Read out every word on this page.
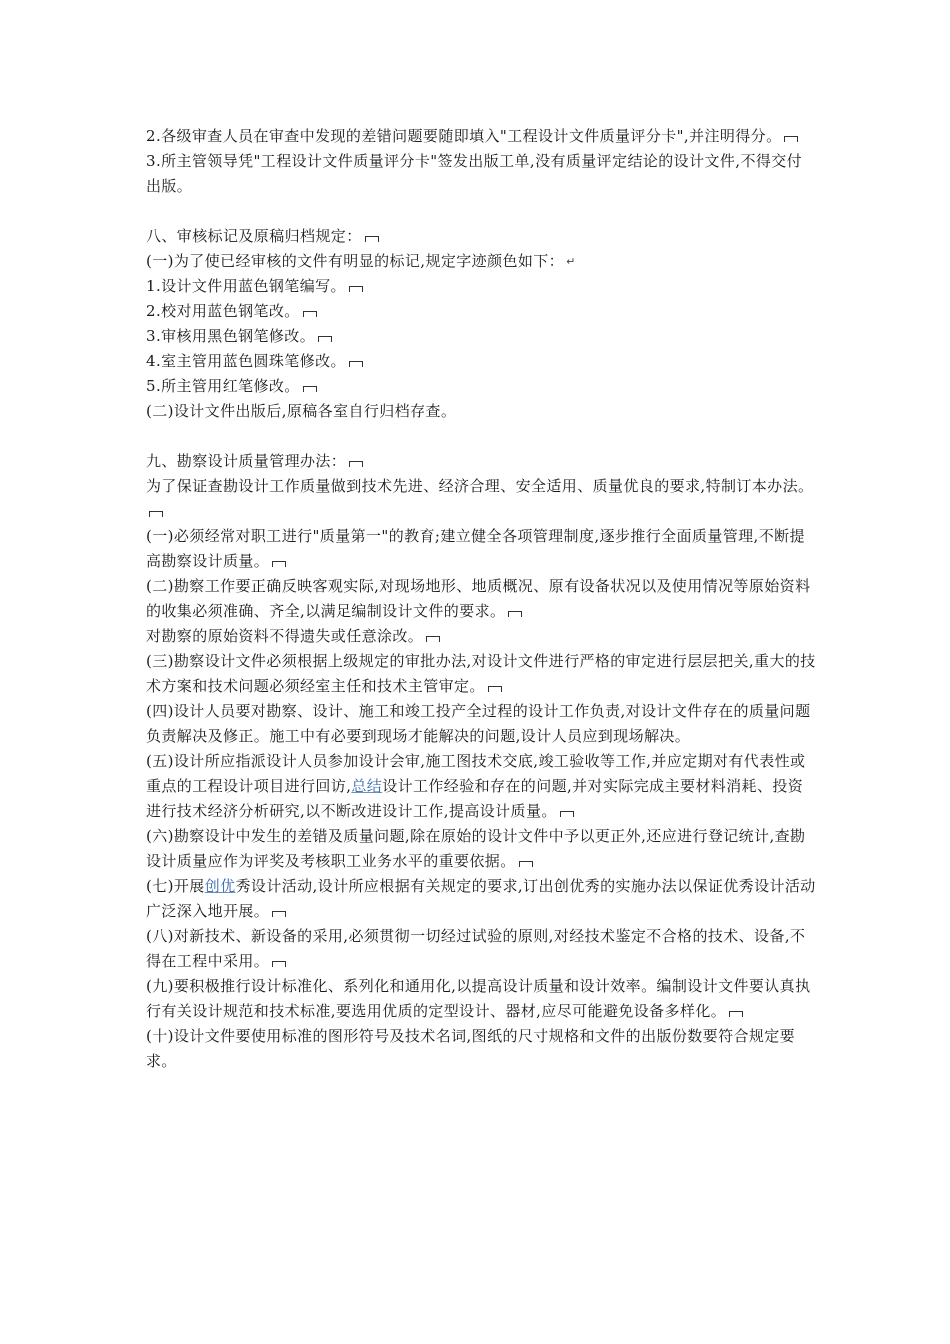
2.各级审查人员在审查中发现的差错问题要随即填入"工程设计文件质量评分卡",并注明得分。

3.所主管领导凭"工程设计文件质量评分卡"签发出版工单,没有质量评定结论的设计文件,不得交付出版。

八、审核标记及原稿归档规定：

(一)为了使已经审核的文件有明显的标记,规定字迹颜色如下： ↵

1.设计文件用蓝色钢笔编写。

2.校对用蓝色钢笔改。

3.审核用黑色钢笔修改。

4.室主管用蓝色圆珠笔修改。

5.所主管用红笔修改。

(二)设计文件出版后,原稿各室自行归档存查。

九、勘察设计质量管理办法：

为了保证查勘设计工作质量做到技术先进、经济合理、安全适用、质量优良的要求,特制订本办法。

(一)必须经常对职工进行"质量第一"的教育;建立健全各项管理制度,逐步推行全面质量管理,不断提高勘察设计质量。

(二)勘察工作要正确反映客观实际,对现场地形、地质概况、原有设备状况以及使用情况等原始资料的收集必须准确、齐全,以满足编制设计文件的要求。

对勘察的原始资料不得遗失或任意涂改。

(三)勘察设计文件必须根据上级规定的审批办法,对设计文件进行严格的审定进行层层把关,重大的技术方案和技术问题必须经室主任和技术主管审定。

(四)设计人员要对勘察、设计、施工和竣工投产全过程的设计工作负责,对设计文件存在的质量问题负责解决及修正。施工中有必要到现场才能解决的问题,设计人员应到现场解决。

(五)设计所应指派设计人员参加设计会审,施工图技术交底,竣工验收等工作,并应定期对有代表性或重点的工程设计项目进行回访,总结设计工作经验和存在的问题,并对实际完成主要材料消耗、投资进行技术经济分析研究,以不断改进设计工作,提高设计质量。

(六)勘察设计中发生的差错及质量问题,除在原始的设计文件中予以更正外,还应进行登记统计,查勘设计质量应作为评奖及考核职工业务水平的重要依据。

(七)开展创优秀设计活动,设计所应根据有关规定的要求,订出创优秀的实施办法以保证优秀设计活动广泛深入地开展。

(八)对新技术、新设备的采用,必须贯彻一切经过试验的原则,对经技术鉴定不合格的技术、设备,不得在工程中采用。

(九)要积极推行设计标准化、系列化和通用化,以提高设计质量和设计效率。编制设计文件要认真执行有关设计规范和技术标准,要选用优质的定型设计、器材,应尽可能避免设备多样化。

(十)设计文件要使用标准的图形符号及技术名词,图纸的尺寸规格和文件的出版份数要符合规定要求。
